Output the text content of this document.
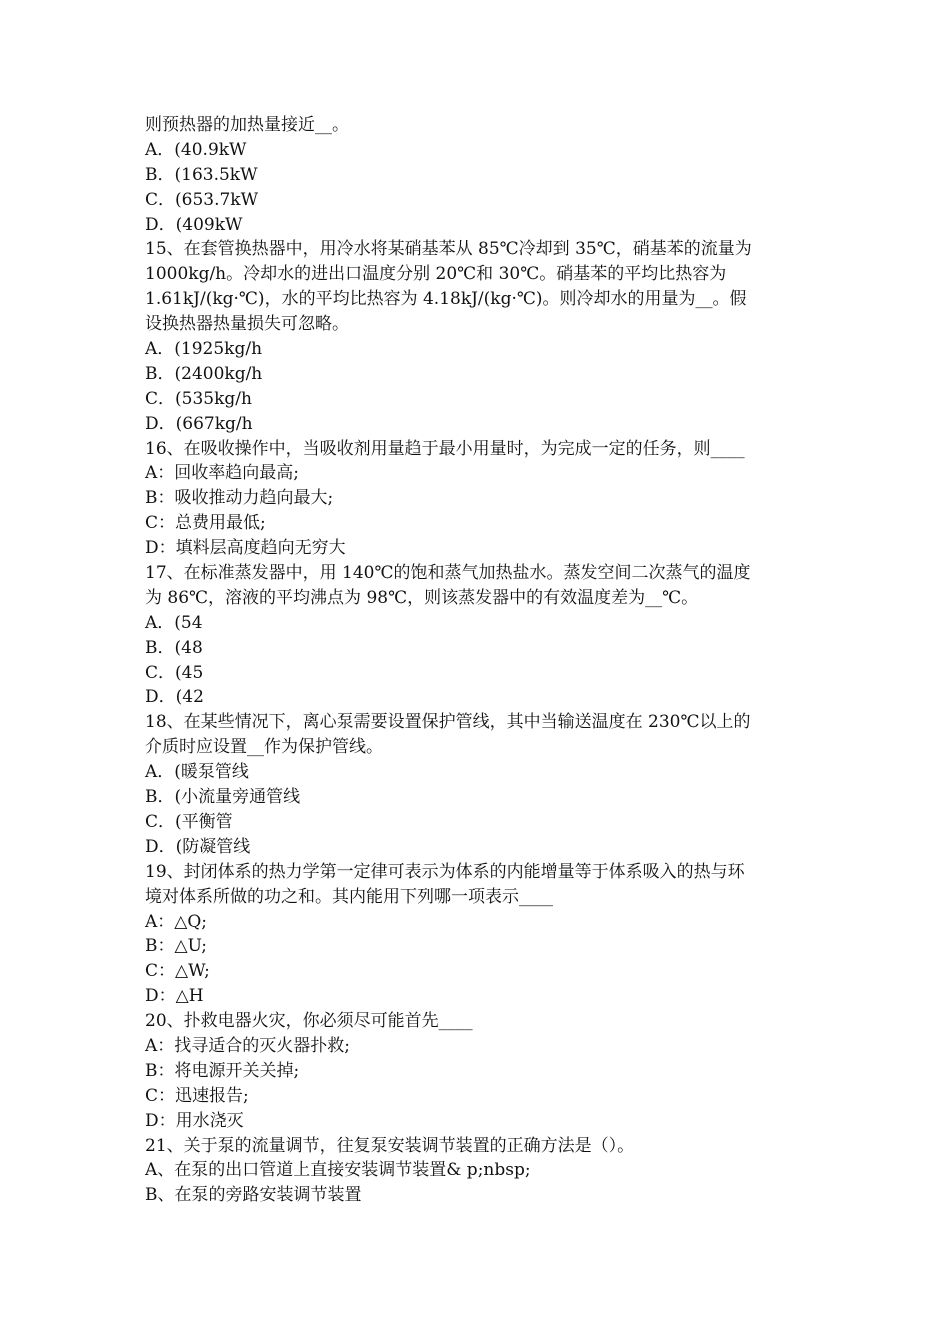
则预热器的加热量接近__。
A．(40.9kW
B．(163.5kW
C．(653.7kW
D．(409kW
15、在套管换热器中，用冷水将某硝基苯从 85℃冷却到 35℃，硝基苯的流量为
1000kg/h。冷却水的进出口温度分别 20℃和 30℃。硝基苯的平均比热容为
1.61kJ/(kg·℃)，水的平均比热容为 4.18kJ/(kg·℃)。则冷却水的用量为__。假
设换热器热量损失可忽略。
A．(1925kg/h
B．(2400kg/h
C．(535kg/h
D．(667kg/h
16、在吸收操作中，当吸收剂用量趋于最小用量时，为完成一定的任务，则____
A：回收率趋向最高;
B：吸收推动力趋向最大;
C：总费用最低;
D：填料层高度趋向无穷大
17、在标准蒸发器中，用 140℃的饱和蒸气加热盐水。蒸发空间二次蒸气的温度
为 86℃，溶液的平均沸点为 98℃，则该蒸发器中的有效温度差为__℃。
A．(54
B．(48
C．(45
D．(42
18、在某些情况下，离心泵需要设置保护管线，其中当输送温度在 230℃以上的
介质时应设置__作为保护管线。
A．(暖泵管线
B．(小流量旁通管线
C．(平衡管
D．(防凝管线
19、封闭体系的热力学第一定律可表示为体系的内能增量等于体系吸入的热与环
境对体系所做的功之和。其内能用下列哪一项表示____
A：△Q;
B：△U;
C：△W;
D：△H
20、扑救电器火灾，你必须尽可能首先____
A：找寻适合的灭火器扑救;
B：将电源开关关掉;
C：迅速报告;
D：用水浇灭
21、关于泵的流量调节，往复泵安装调节装置的正确方法是（）。
A、在泵的出口管道上直接安装调节装置& p;nbsp;
B、在泵的旁路安装调节装置
